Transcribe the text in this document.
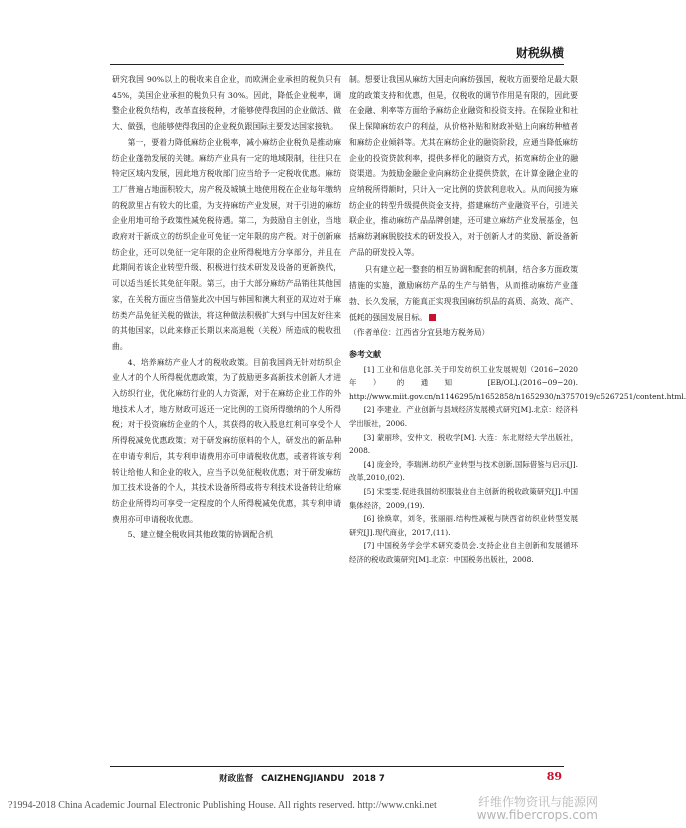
财税纵横

研究我国 90%以上的税收来自企业，而欧洲企业承担的税负只有 45%，美国企业承担的税负只有 30%。因此，降低企业税率，调整企业税负结构，改革直接税种，才能够使得我国的企业做活、做大、做强，也能够使得我国的企业税负跟国际主要发达国家接轨。

第一，要着力降低麻纺企业税率，减小麻纺企业税负是推动麻纺企业蓬勃发展的关键。麻纺产业具有一定的地域限制，往往只在特定区域内发展，因此地方税收部门应当给予一定税收优惠。麻纺工厂普遍占地面积较大，房产税及城镇土地使用税在企业每年缴纳的税款里占有较大的比重，为支持麻纺产业发展，对于引进的麻纺企业用地可给予政策性减免税待遇。第二，为鼓励自主创业，当地政府对于新成立的纺织企业可免征一定年限的房产税。对于创新麻纺企业，还可以免征一定年限的企业所得税地方分享部分，并且在此期间若该企业转型升级、积极进行技术研发及设备的更新换代，可以适当延长其免征年限。第三，由于大部分麻纺产品销往其他国家，在关税方面应当借鉴此次中国与韩国和澳大利亚的双边对于麻纺类产品免征关税的做法，将这种做法积极扩大到与中国友好往来的其他国家，以此来修正长期以来高退税（关税）所造成的税收扭曲。

4、培养麻纺产业人才的税收政策。目前我国尚无针对纺织企业人才的个人所得税优惠政策，为了鼓励更多高新技术创新人才进入纺织行业，优化麻纺行业的人力资源，对于在麻纺企业工作的外地技术人才，地方财政可返还一定比例的工资所得缴纳的个人所得税；对于投资麻纺企业的个人，其获得的收入股息红利可享受个人所得税减免优惠政策；对于研发麻纺原料的个人，研发出的新品种在申请专利后，其专利申请费用亦可申请税收优惠，或者将该专利转让给他人和企业的收入，应当予以免征税收优惠；对于研发麻纺加工技术设备的个人，其技术设备所得或将专利技术设备转让给麻纺企业所得均可享受一定程度的个人所得税减免优惠，其专利申请费用亦可申请税收优惠。

5、建立健全税收同其他政策的协调配合机

制。想要让我国从麻纺大国走向麻纺强国，税收方面要给足最大限度的政策支持和优惠，但是，仅税收的调节作用是有限的，因此要在金融、利率等方面给予麻纺企业融资和投资支持。在保险业和社保上保障麻纺农户的利益，从价格补贴和财政补贴上向麻纺种植者和麻纺企业倾斜等。尤其在麻纺企业的融资阶段，应通当降低麻纺企业的投资贷款利率，提供多样化的融资方式，拓宽麻纺企业的融资渠道。为鼓励金融企业向麻纺企业提供贷款，在计算金融企业的应纳税所得额时，只计入一定比例的贷款利息收入。从而间接为麻纺企业的转型升级提供资金支持，搭建麻纺产业融资平台，引进关联企业，推动麻纺产品品牌创建，还可建立麻纺产业发展基金，包括麻纺剥麻脱胶技术的研发投入，对于创新人才的奖励、新设备新产品的研发投入等。

只有建立起一整套的相互协调和配套的机制，结合多方面政策措施的实施，激励麻纺产品的生产与销售，从而推动麻纺产业蓬勃、长久发展，方能真正实现我国麻纺织品的高质、高效、高产、低耗的强国发展目标。

（作者单位：江西省分宜县地方税务局）

参考文献

[1] 工业和信息化部.关于印发纺织工业发展规划（2016−2020 年）的通知 [EB/OL].(2016−09−20). http://www.miit.gov.cn/n1146295/n1652858/n1652930/n3757019/c5267251/content.html.

[2] 李建业．产业创新与县域经济发展模式研究[M].北京：经济科学出版社，2006.

[3] 蒙丽珍，安仲文．税收学[M]. 大连：东北财经大学出版社，2008.

[4] 庞金玲，李瑞洲.纺织产业转型与技术创新,国际借鉴与启示[J].改革,2010,(02).

[5] 宋雯雯.促进我国纺织服装业自主创新的税收政策研究[J].中国集体经济，2009,(19).

[6] 徐焕章，刘冬，张丽丽.结构性减税与陕西省纺织业转型发展研究[J].现代商业，2017,(11).

[7] 中国税务学会学术研究委员会.支持企业自主创新和发展循环经济的税收政策研究[M].北京：中国税务出版社，2008.

财政监督 CAIZHENGJIANDU 2018 7	89
?1994-2018 China Academic Journal Electronic Publishing House. All rights reserved. http://www.cnki.net	纤维作物资讯与能源网
www.fibercrops.com
